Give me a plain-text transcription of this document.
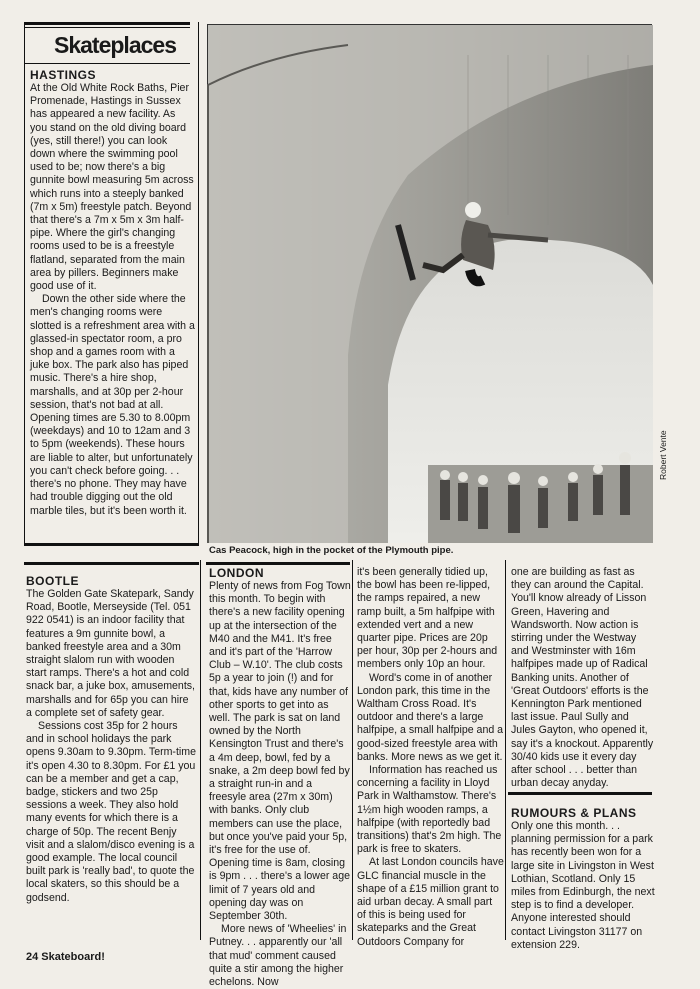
Skateplaces
HASTINGS

At the Old White Rock Baths, Pier Promenade, Hastings in Sussex has appeared a new facility. As you stand on the old diving board (yes, still there!) you can look down where the swimming pool used to be; now there's a big gunnite bowl measuring 5m across which runs into a steeply banked (7m x 5m) freestyle patch. Beyond that there's a 7m x 5m x 3m half-pipe. Where the girl's changing rooms used to be is a freestyle flatland, separated from the main area by pillers. Beginners make good use of it.

Down the other side where the men's changing rooms were slotted is a refreshment area with a glassed-in spectator room, a pro shop and a games room with a juke box. The park also has piped music. There's a hire shop, marshalls, and at 30p per 2-hour session, that's not bad at all. Opening times are 5.30 to 8.00pm (weekdays) and 10 to 12am and 3 to 5pm (weekends). These hours are liable to alter, but unfortunately you can't check before going. . . there's no phone. They may have had trouble digging out the old marble tiles, but it's been worth it.

Cas Peacock, high in the pocket of the Plymouth pipe.
Robert Vente
BOOTLE

The Golden Gate Skatepark, Sandy Road, Bootle, Merseyside (Tel. 051 922 0541) is an indoor facility that features a 9m gunnite bowl, a banked freestyle area and a 30m straight slalom run with wooden start ramps. There's a hot and cold snack bar, a juke box, amusements, marshalls and for 65p you can hire a complete set of safety gear.

Sessions cost 35p for 2 hours and in school holidays the park opens 9.30am to 9.30pm. Term-time it's open 4.30 to 8.30pm. For £1 you can be a member and get a cap, badge, stickers and two 25p sessions a week. They also hold many events for which there is a charge of 50p. The recent Benjy visit and a slalom/disco evening is a good example. The local council built park is 'really bad', to quote the local skaters, so this should be a godsend.

LONDON

Plenty of news from Fog Town this month. To begin with there's a new facility opening up at the intersection of the M40 and the M41. It's free and it's part of the 'Harrow Club – W.10'. The club costs 5p a year to join (!) and for that, kids have any number of other sports to get into as well. The park is sat on land owned by the North Kensington Trust and there's a 4m deep, bowl, fed by a snake, a 2m deep bowl fed by a straight run-in and a freesyle area (27m x 30m) with banks. Only club members can use the place, but once you've paid your 5p, it's free for the use of. Opening time is 8am, closing is 9pm . . . there's a lower age limit of 7 years old and opening day was on September 30th.

More news of 'Wheelies' in Putney. . . apparently our 'all that mud' comment caused quite a stir among the higher echelons. Now

it's been generally tidied up, the bowl has been re-lipped, the ramps repaired, a new ramp built, a 5m halfpipe with extended vert and a new quarter pipe. Prices are 20p per hour, 30p per 2-hours and members only 10p an hour.

Word's come in of another London park, this time in the Waltham Cross Road. It's outdoor and there's a large halfpipe, a small halfpipe and a good-sized freestyle area with banks. More news as we get it.

Information has reached us concerning a facility in Lloyd Park in Walthamstow. There's 1½m high wooden ramps, a halfpipe (with reportedly bad transitions) that's 2m high. The park is free to skaters.

At last London councils have GLC financial muscle in the shape of a £15 million grant to aid urban decay. A small part of this is being used for skateparks and the Great Outdoors Company for

one are building as fast as they can around the Capital. You'll know already of Lisson Green, Havering and Wandsworth. Now action is stirring under the Westway and Westminster with 16m halfpipes made up of Radical Banking units. Another of 'Great Outdoors' efforts is the Kennington Park mentioned last issue. Paul Sully and Jules Gayton, who opened it, say it's a knockout. Apparently 30/40 kids use it every day after school . . . better than urban decay anyday.

RUMOURS & PLANS

Only one this month. . . planning permission for a park has recently been won for a large site in Livingston in West Lothian, Scotland. Only 15 miles from Edinburgh, the next step is to find a developer. Anyone interested should contact Livingston 31177 on extension 229.

24 Skateboard!
